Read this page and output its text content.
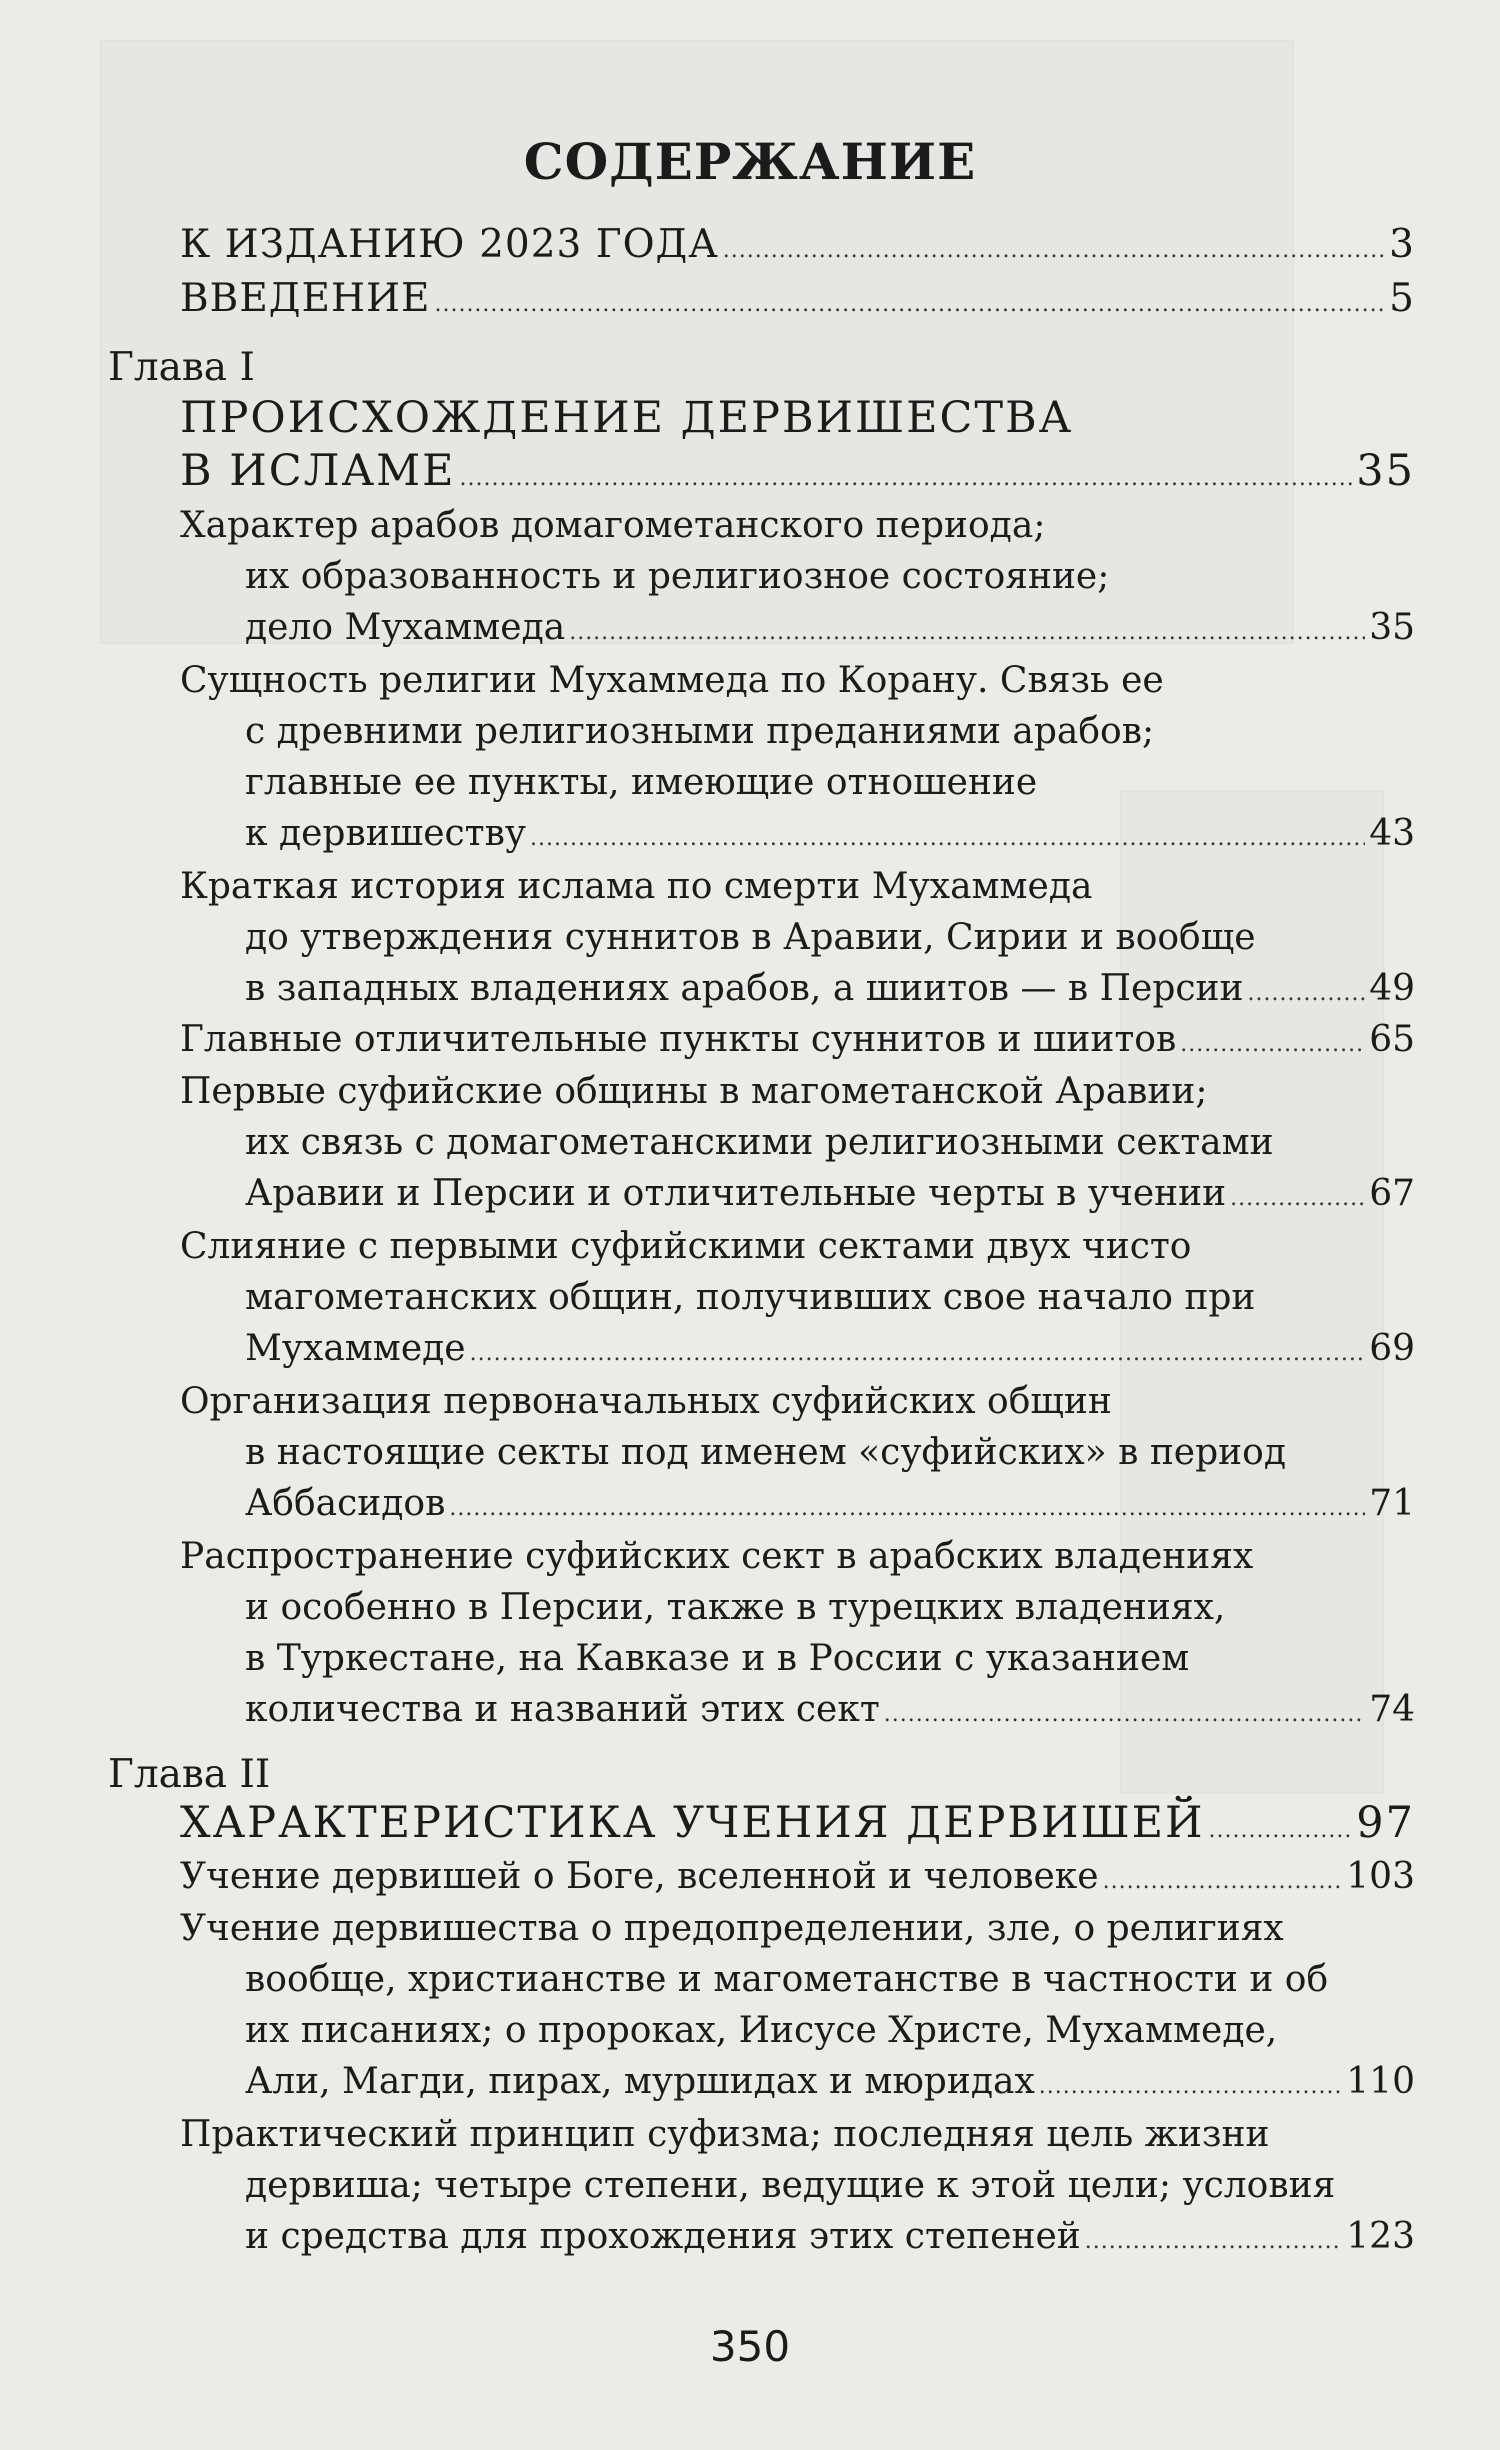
СОДЕРЖАНИЕ
К ИЗДАНИЮ 2023 ГОДА .....	3
ВВЕДЕНИЕ .....	5
Глава I
ПРОИСХОЖДЕНИЕ ДЕРВИШЕСТВА
В ИСЛАМЕ .....	35
Характер арабов домагометанского периода;
их образованность и религиозное состояние;
дело Мухаммеда .....	35
Сущность религии Мухаммеда по Корану. Связь ее
с древними религиозными преданиями арабов;
главные ее пункты, имеющие отношение
к дервишеству .....	43
Краткая история ислама по смерти Мухаммеда
до утверждения суннитов в Аравии, Сирии и вообще
в западных владениях арабов, а шиитов — в Персии .....	49
Главные отличительные пункты суннитов и шиитов .....	65
Первые суфийские общины в магометанской Аравии;
их связь с домагометанскими религиозными сектами
Аравии и Персии и отличительные черты в учении .....	67
Слияние с первыми суфийскими сектами двух чисто
магометанских общин, получивших свое начало при
Мухаммеде .....	69
Организация первоначальных суфийских общин
в настоящие секты под именем «суфийских» в период
Аббасидов .....	71
Распространение суфийских сект в арабских владениях
и особенно в Персии, также в турецких владениях,
в Туркестане, на Кавказе и в России с указанием
количества и названий этих сект .....	74
Глава II
ХАРАКТЕРИСТИКА УЧЕНИЯ ДЕРВИШЕЙ .....	97
Учение дервишей о Боге, вселенной и человеке .....	103
Учение дервишества о предопределении, зле, о религиях
вообще, христианстве и магометанстве в частности и об
их писаниях; о пророках, Иисусе Христе, Мухаммеде,
Али, Магди, пирах, муршидах и мюридах .....	110
Практический принцип суфизма; последняя цель жизни
дервиша; четыре степени, ведущие к этой цели; условия
и средства для прохождения этих степеней .....	123
350
